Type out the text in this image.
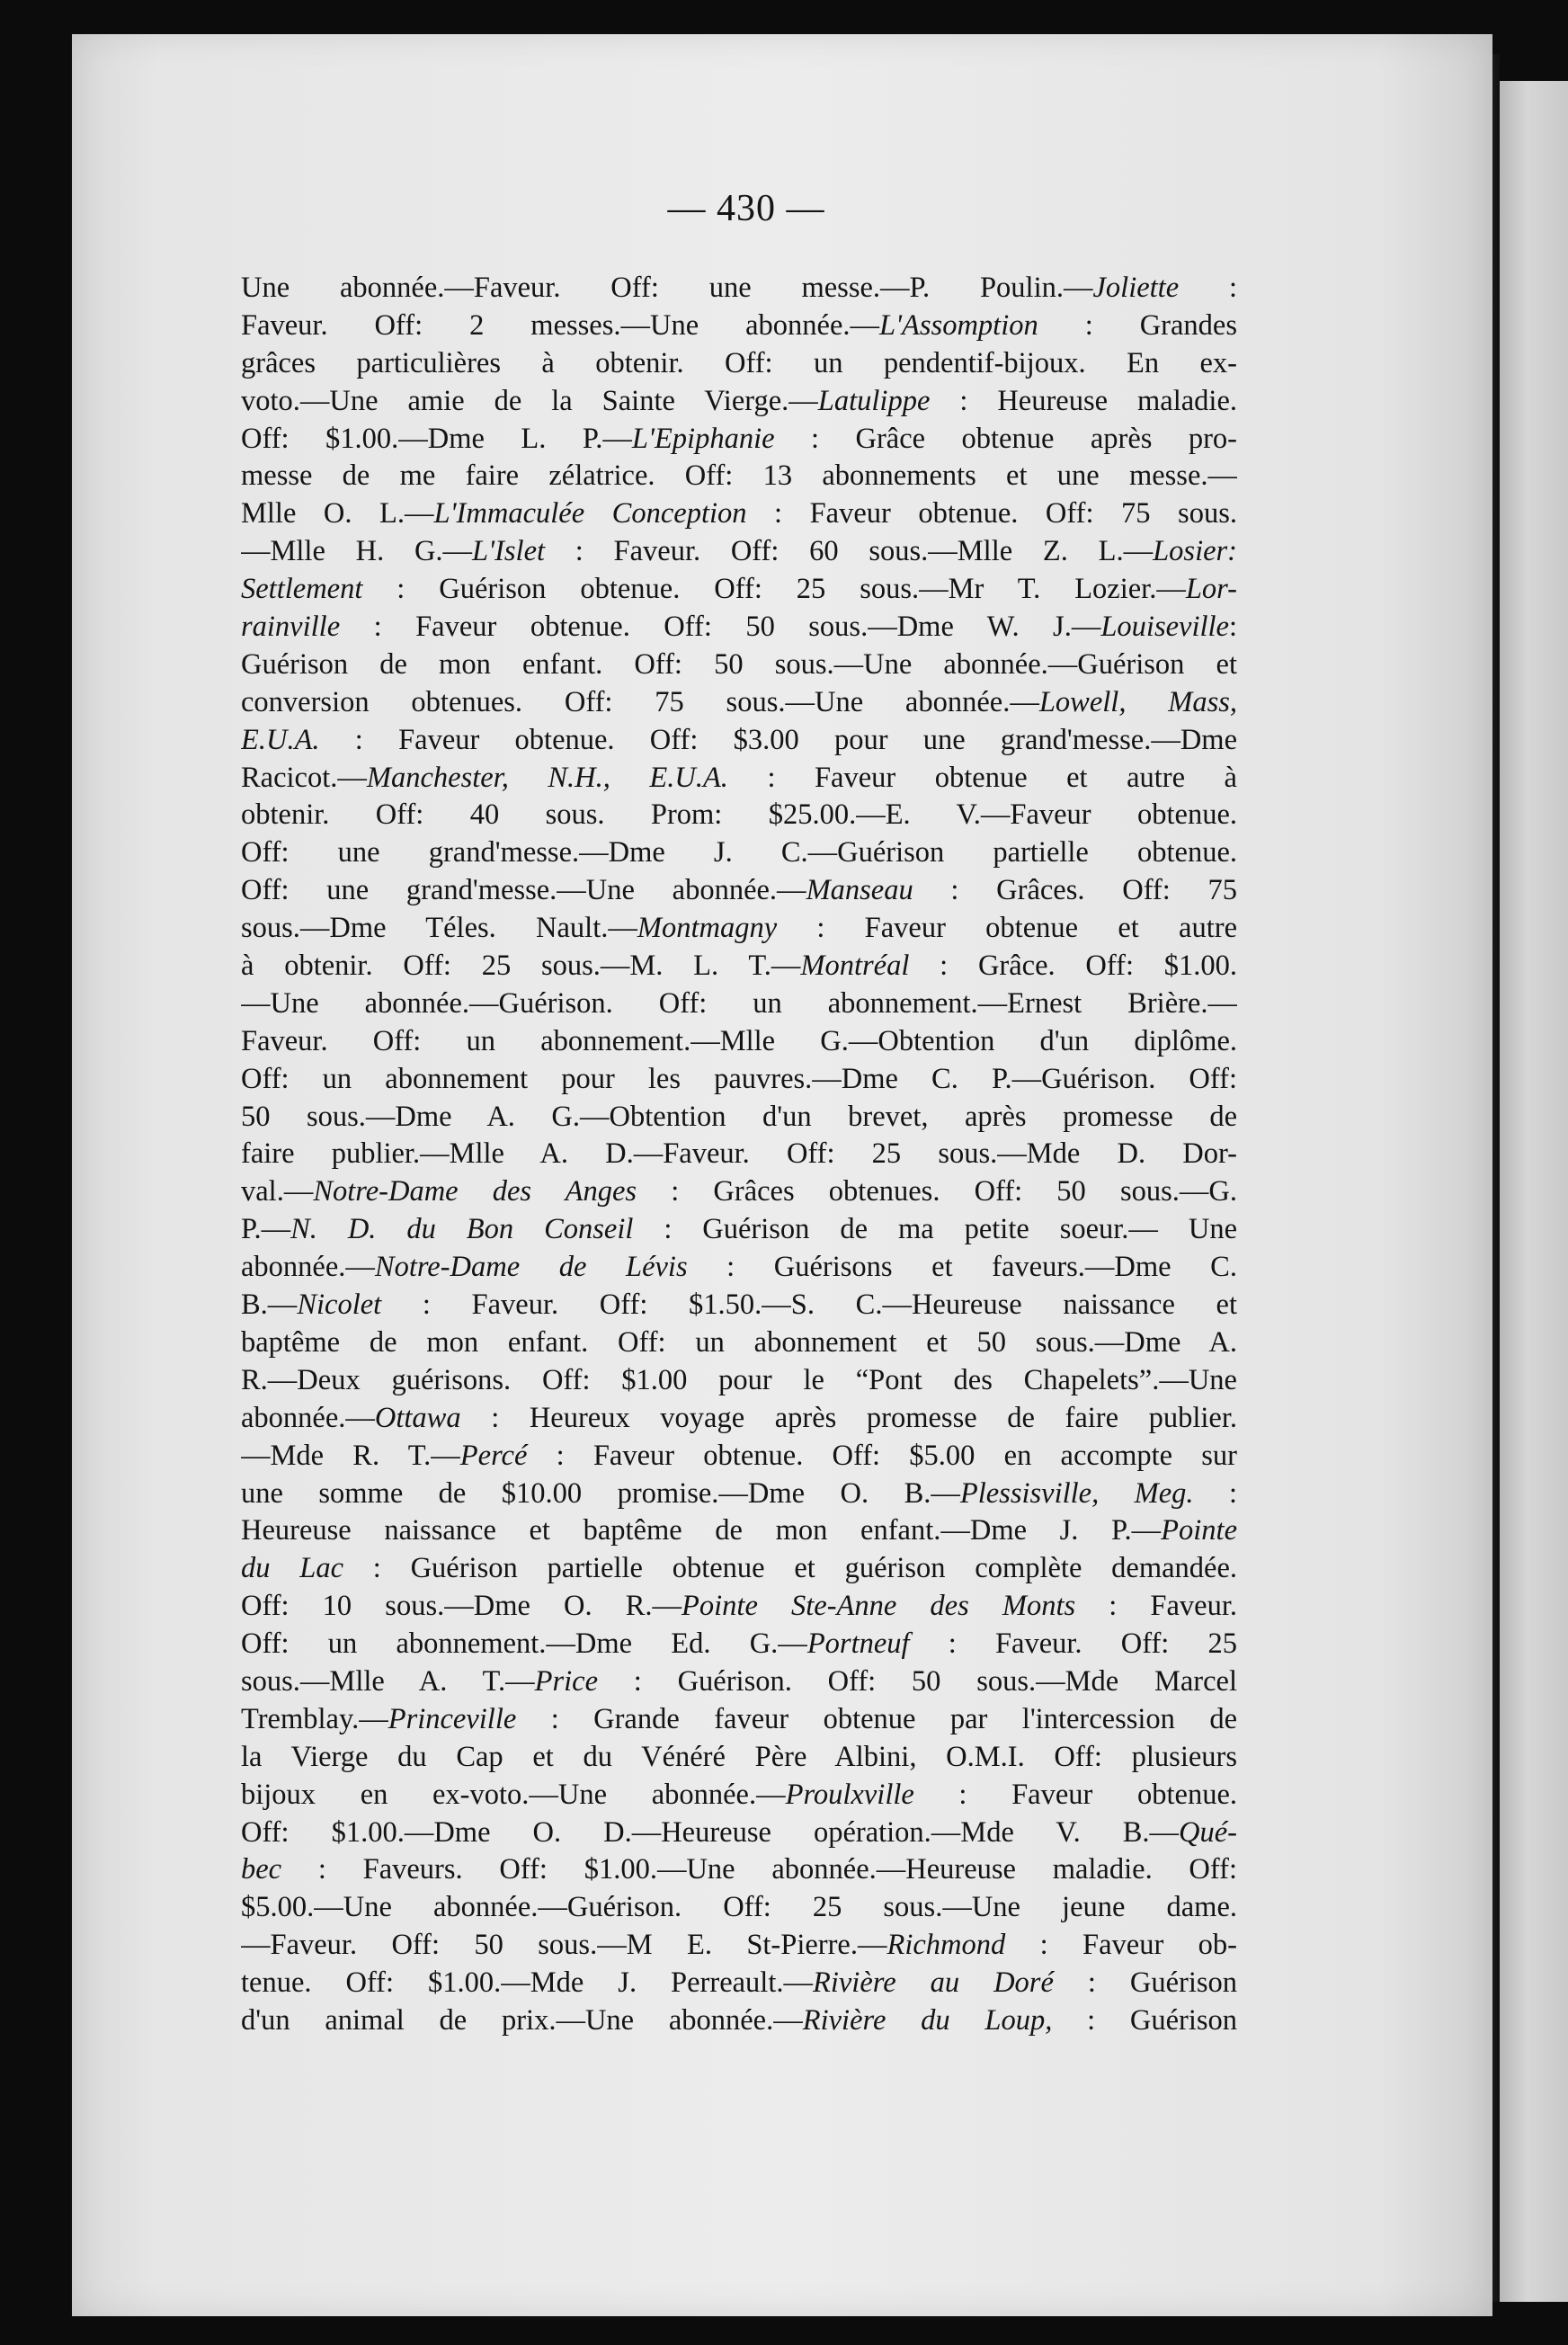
— 430 —
Une abonnée.—Faveur. Off: une messe.—P. Poulin.—Joliette :
Faveur. Off: 2 messes.—Une abonnée.—L'Assomption : Grandes
grâces particulières à obtenir. Off: un pendentif-bijoux. En ex-
voto.—Une amie de la Sainte Vierge.—Latulippe : Heureuse maladie.
Off: $1.00.—Dme L. P.—L'Epiphanie : Grâce obtenue après pro-
messe de me faire zélatrice. Off: 13 abonnements et une messe.—
Mlle O. L.—L'Immaculée Conception : Faveur obtenue. Off: 75 sous.
—Mlle H. G.—L'Islet : Faveur. Off: 60 sous.—Mlle Z. L.—Losier:
Settlement : Guérison obtenue. Off: 25 sous.—Mr T. Lozier.—Lor-
rainville : Faveur obtenue. Off: 50 sous.—Dme W. J.—Louiseville:
Guérison de mon enfant. Off: 50 sous.—Une abonnée.—Guérison et
conversion obtenues. Off: 75 sous.—Une abonnée.—Lowell, Mass,
E.U.A. : Faveur obtenue. Off: $3.00 pour une grand'messe.—Dme
Racicot.—Manchester, N.H., E.U.A. : Faveur obtenue et autre à
obtenir. Off: 40 sous. Prom: $25.00.—E. V.—Faveur obtenue.
Off: une grand'messe.—Dme J. C.—Guérison partielle obtenue.
Off: une grand'messe.—Une abonnée.—Manseau : Grâces. Off: 75
sous.—Dme Téles. Nault.—Montmagny : Faveur obtenue et autre
à obtenir. Off: 25 sous.—M. L. T.—Montréal : Grâce. Off: $1.00.
—Une abonnée.—Guérison. Off: un abonnement.—Ernest Brière.—
Faveur. Off: un abonnement.—Mlle G.—Obtention d'un diplôme.
Off: un abonnement pour les pauvres.—Dme C. P.—Guérison. Off:
50 sous.—Dme A. G.—Obtention d'un brevet, après promesse de
faire publier.—Mlle A. D.—Faveur. Off: 25 sous.—Mde D. Dor-
val.—Notre-Dame des Anges : Grâces obtenues. Off: 50 sous.—G.
P.—N. D. du Bon Conseil : Guérison de ma petite soeur.— Une
abonnée.—Notre-Dame de Lévis : Guérisons et faveurs.—Dme C.
B.—Nicolet : Faveur. Off: $1.50.—S. C.—Heureuse naissance et
baptême de mon enfant. Off: un abonnement et 50 sous.—Dme A.
R.—Deux guérisons. Off: $1.00 pour le “Pont des Chapelets”.—Une
abonnée.—Ottawa : Heureux voyage après promesse de faire publier.
—Mde R. T.—Percé : Faveur obtenue. Off: $5.00 en accompte sur
une somme de $10.00 promise.—Dme O. B.—Plessisville, Meg. :
Heureuse naissance et baptême de mon enfant.—Dme J. P.—Pointe
du Lac : Guérison partielle obtenue et guérison complète demandée.
Off: 10 sous.—Dme O. R.—Pointe Ste-Anne des Monts : Faveur.
Off: un abonnement.—Dme Ed. G.—Portneuf : Faveur. Off: 25
sous.—Mlle A. T.—Price : Guérison. Off: 50 sous.—Mde Marcel
Tremblay.—Princeville : Grande faveur obtenue par l'intercession de
la Vierge du Cap et du Vénéré Père Albini, O.M.I. Off: plusieurs
bijoux en ex-voto.—Une abonnée.—Proulxville : Faveur obtenue.
Off: $1.00.—Dme O. D.—Heureuse opération.—Mde V. B.—Qué-
bec : Faveurs. Off: $1.00.—Une abonnée.—Heureuse maladie. Off:
$5.00.—Une abonnée.—Guérison. Off: 25 sous.—Une jeune dame.
—Faveur. Off: 50 sous.—M E. St-Pierre.—Richmond : Faveur ob-
tenue. Off: $1.00.—Mde J. Perreault.—Rivière au Doré : Guérison
d'un animal de prix.—Une abonnée.—Rivière du Loup, : Guérison
